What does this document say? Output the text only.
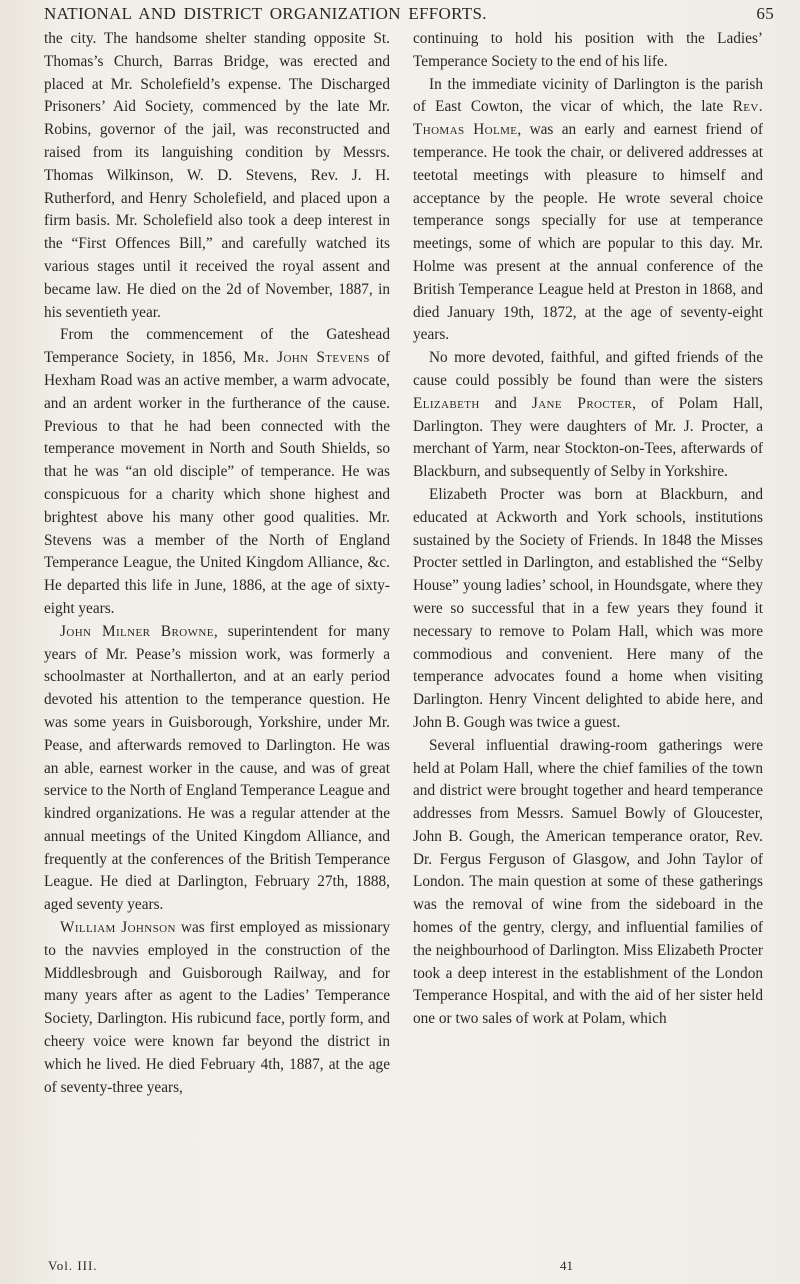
NATIONAL AND DISTRICT ORGANIZATION EFFORTS.	65

the city. The handsome shelter standing opposite St. Thomas’s Church, Barras Bridge, was erected and placed at Mr. Scholefield’s expense. The Discharged Prisoners’ Aid Society, commenced by the late Mr. Robins, governor of the jail, was reconstructed and raised from its languishing condition by Messrs. Thomas Wilkinson, W. D. Stevens, Rev. J. H. Rutherford, and Henry Scholefield, and placed upon a firm basis. Mr. Scholefield also took a deep interest in the “First Offences Bill,” and carefully watched its various stages until it received the royal assent and became law. He died on the 2d of November, 1887, in his seventieth year.

From the commencement of the Gateshead Temperance Society, in 1856, Mr. John Stevens of Hexham Road was an active member, a warm advocate, and an ardent worker in the furtherance of the cause. Previous to that he had been connected with the temperance movement in North and South Shields, so that he was “an old disciple” of temperance. He was conspicuous for a charity which shone highest and brightest above his many other good qualities. Mr. Stevens was a member of the North of England Temperance League, the United Kingdom Alliance, &c. He departed this life in June, 1886, at the age of sixty-eight years.

John Milner Browne, superintendent for many years of Mr. Pease’s mission work, was formerly a schoolmaster at Northallerton, and at an early period devoted his attention to the temperance question. He was some years in Guisborough, Yorkshire, under Mr. Pease, and afterwards removed to Darlington. He was an able, earnest worker in the cause, and was of great service to the North of England Temperance League and kindred organizations. He was a regular attender at the annual meetings of the United Kingdom Alliance, and frequently at the conferences of the British Temperance League. He died at Darlington, February 27th, 1888, aged seventy years.

William Johnson was first employed as missionary to the navvies employed in the construction of the Middlesbrough and Guisborough Railway, and for many years after as agent to the Ladies’ Temperance Society, Darlington. His rubicund face, portly form, and cheery voice were known far beyond the district in which he lived. He died February 4th, 1887, at the age of seventy-three years,

continuing to hold his position with the Ladies’ Temperance Society to the end of his life.

In the immediate vicinity of Darlington is the parish of East Cowton, the vicar of which, the late Rev. Thomas Holme, was an early and earnest friend of temperance. He took the chair, or delivered addresses at teetotal meetings with pleasure to himself and acceptance by the people. He wrote several choice temperance songs specially for use at temperance meetings, some of which are popular to this day. Mr. Holme was present at the annual conference of the British Temperance League held at Preston in 1868, and died January 19th, 1872, at the age of seventy-eight years.

No more devoted, faithful, and gifted friends of the cause could possibly be found than were the sisters Elizabeth and Jane Procter, of Polam Hall, Darlington. They were daughters of Mr. J. Procter, a merchant of Yarm, near Stockton-on-Tees, afterwards of Blackburn, and subsequently of Selby in Yorkshire.

Elizabeth Procter was born at Blackburn, and educated at Ackworth and York schools, institutions sustained by the Society of Friends. In 1848 the Misses Procter settled in Darlington, and established the “Selby House” young ladies’ school, in Houndsgate, where they were so successful that in a few years they found it necessary to remove to Polam Hall, which was more commodious and convenient. Here many of the temperance advocates found a home when visiting Darlington. Henry Vincent delighted to abide here, and John B. Gough was twice a guest.

Several influential drawing-room gatherings were held at Polam Hall, where the chief families of the town and district were brought together and heard temperance addresses from Messrs. Samuel Bowly of Gloucester, John B. Gough, the American temperance orator, Rev. Dr. Fergus Ferguson of Glasgow, and John Taylor of London. The main question at some of these gatherings was the removal of wine from the sideboard in the homes of the gentry, clergy, and influential families of the neighbourhood of Darlington. Miss Elizabeth Procter took a deep interest in the establishment of the London Temperance Hospital, and with the aid of her sister held one or two sales of work at Polam, which

Vol. III.	41
